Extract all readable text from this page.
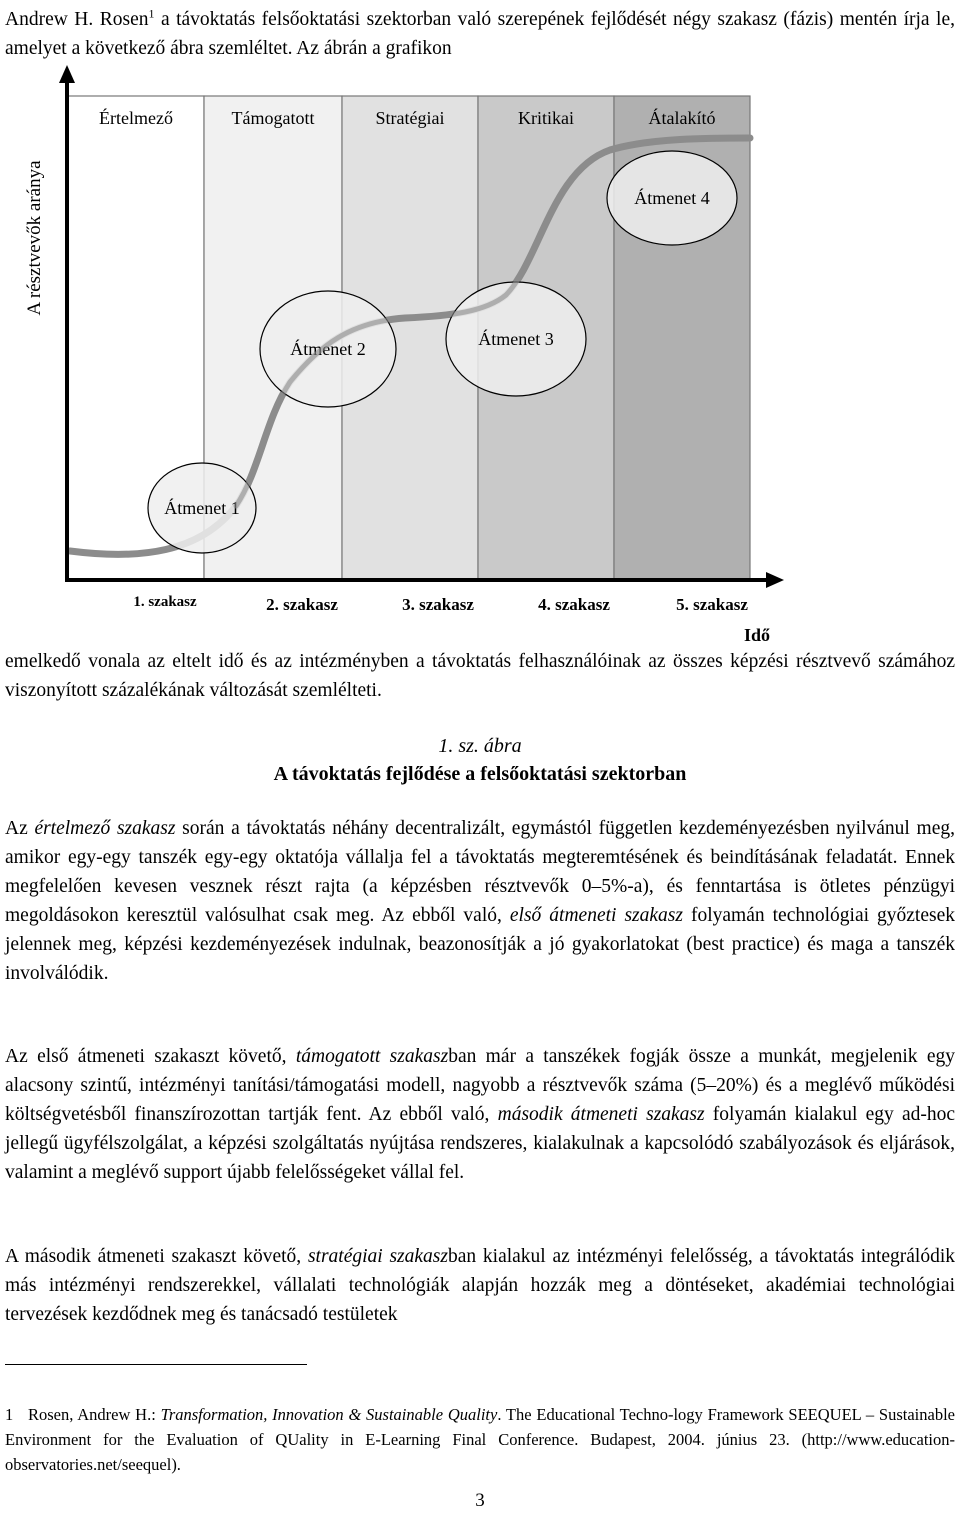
Andrew H. Rosen$^1$ a távoktatás felsőoktatási szektorban való szerepének fejlődését négy szakasz (fázis) mentén írja le, amelyet a következő ábra szemléltet. Az ábrán a grafikon

Értelmező	Támogatott	Stratégiai	Kritikai	Átalakító
Átmenet 1
Átmenet 2	Átmenet 3
Átmenet 4
A résztvevők aránya
1. szakasz	2. szakasz	3. szakasz	4. szakasz	5. szakasz
Idő

emelkedő vonala az eltelt idő és az intézményben a távoktatás felhasználóinak az összes képzési résztvevő számához viszonyított százalékának változását szemlélteti.

1. sz. ábra

A távoktatás fejlődése a felsőoktatási szektorban

Az értelmező szakasz során a távoktatás néhány decentralizált, egymástól független kezdeményezésben nyilvánul meg, amikor egy-egy tanszék egy-egy oktatója vállalja fel a távoktatás megteremtésének és beindításának feladatát. Ennek megfelelően kevesen vesznek részt rajta (a képzésben résztvevők 0–5%-a), és fenntartása is ötletes pénzügyi megoldásokon keresztül valósulhat csak meg. Az ebből való, első átmeneti szakasz folyamán technológiai győztesek jelennek meg, képzési kezdeményezések indulnak, beazonosítják a jó gyakorlatokat (best practice) és maga a tanszék involválódik.

Az első átmeneti szakaszt követő, támogatott szakaszban már a tanszékek fogják össze a munkát, megjelenik egy alacsony szintű, intézményi tanítási/támogatási modell, nagyobb a résztvevők száma (5–20%) és a meglévő működési költségvetésből finanszírozottan tartják fent. Az ebből való, második átmeneti szakasz folyamán kialakul egy ad-hoc jellegű ügyfélszolgálat, a képzési szolgáltatás nyújtása rendszeres, kialakulnak a kapcsolódó szabályozások és eljárások, valamint a meglévő support újabb felelősségeket vállal fel.

A második átmeneti szakaszt követő, stratégiai szakaszban kialakul az intézményi felelősség, a távoktatás integrálódik más intézményi rendszerekkel, vállalati technológiák alapján hozzák meg a döntéseket, akadémiai technológiai tervezések kezdődnek meg és tanácsadó testületek

1 Rosen, Andrew H.: Transformation, Innovation & Sustainable Quality. The Educational Techno-logy Framework SEEQUEL – Sustainable Environment for the Evaluation of QUality in E-Learning Final Conference. Budapest, 2004. június 23. (http://www.education-observatories.net/seequel).

3
